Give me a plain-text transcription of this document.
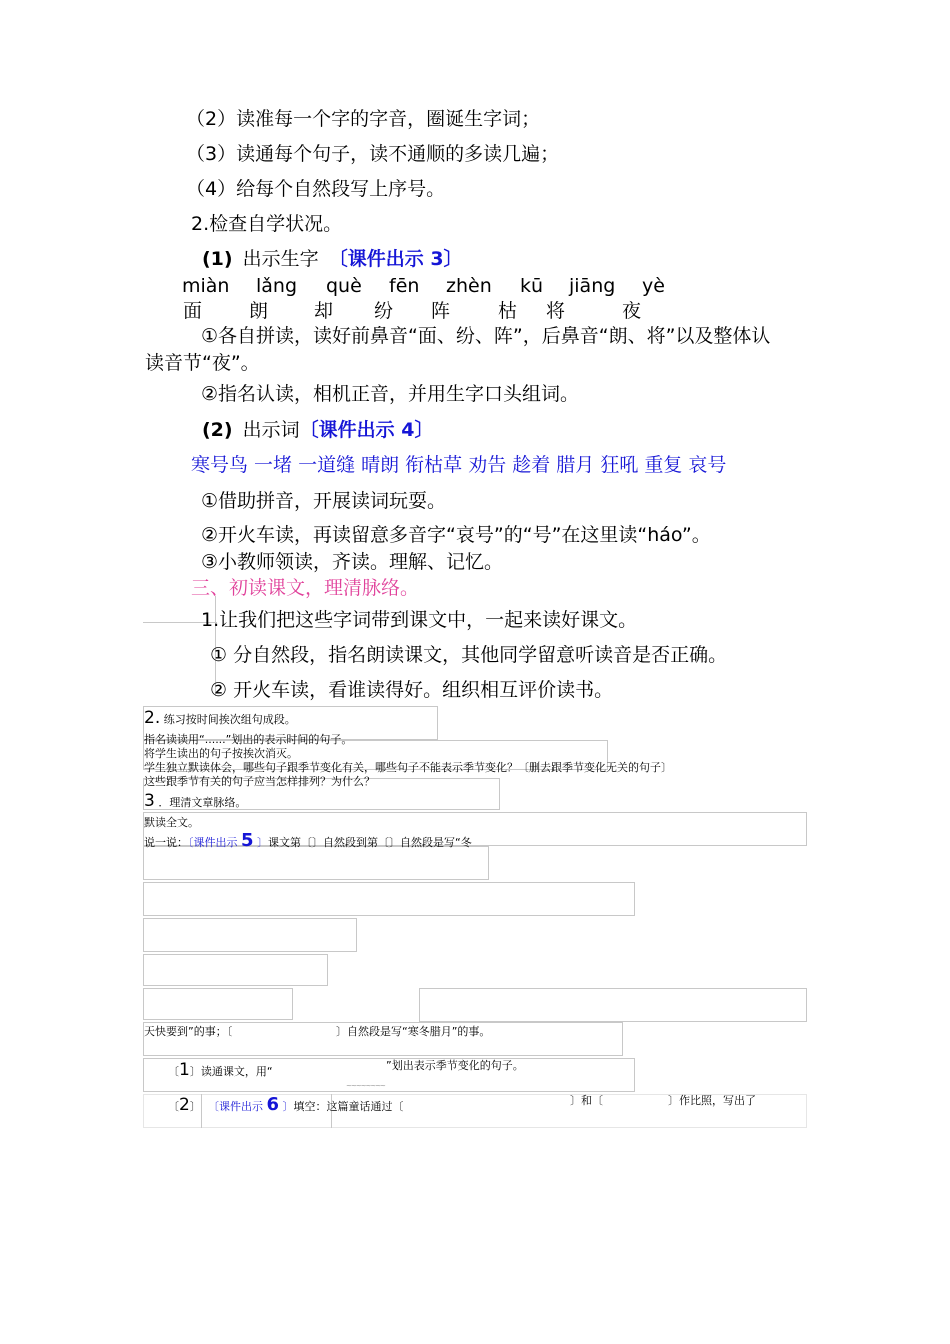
（2）读准每一个字的字音，圈诞生字词；
（3）读通每个句子，读不通顺的多读几遍；
（4）给每个自然段写上序号。
2.检查自学状况。
(1) 出示生字 〔课件出示 3〕
miàn lǎng què fēn zhèn kū jiāng yè
面 朗 却 纷 阵	枯 将	夜
①各自拼读，读好前鼻音“面、纷、阵”，后鼻音“朗、将”以及整体认
读音节“夜”。
②指名认读，相机正音，并用生字口头组词。
(2) 出示词〔课件出示 4〕
寒号鸟 一堵 一道缝 晴朗 衔枯草 劝告 趁着 腊月 狂吼 重复 哀号
①借助拼音，开展读词玩耍。
②开火车读，再读留意多音字“哀号”的“号”在这里读“háo”。
③小教师领读，齐读。理解、记忆。
三、初读课文，理清脉络。
1.让我们把这些字词带到课文中，一起来读好课文。
① 分自然段，指名朗读课文，其他同学留意听读音是否正确。
② 开火车读，看谁读得好。组织相互评价读书。
2. 练习按时间挨次组句成段。
指名读读用“......”划出的表示时间的句子。
将学生读出的句子按挨次消灭。
学生独立默读体会，哪些句子跟季节变化有关，哪些句子不能表示季节变化？〔删去跟季节变化无关的句子〕
这些跟季节有关的句子应当怎样排列？为什么？
3 ．理清文章脉络。
默读全文。
说一说：〔课件出示 5 〕课文第〔〕自然段到第〔〕自然段是写“冬
天快要到”的事；〔	〕自然段是写“寒冬腊月”的事。
〔1〕读通课文，用“
~~~~~~~~
”划出表示季节变化的句子。
〔2〕 〔课件出示 6 〕填空：这篇童话通过〔	〕和〔	〕作比照，写出了
